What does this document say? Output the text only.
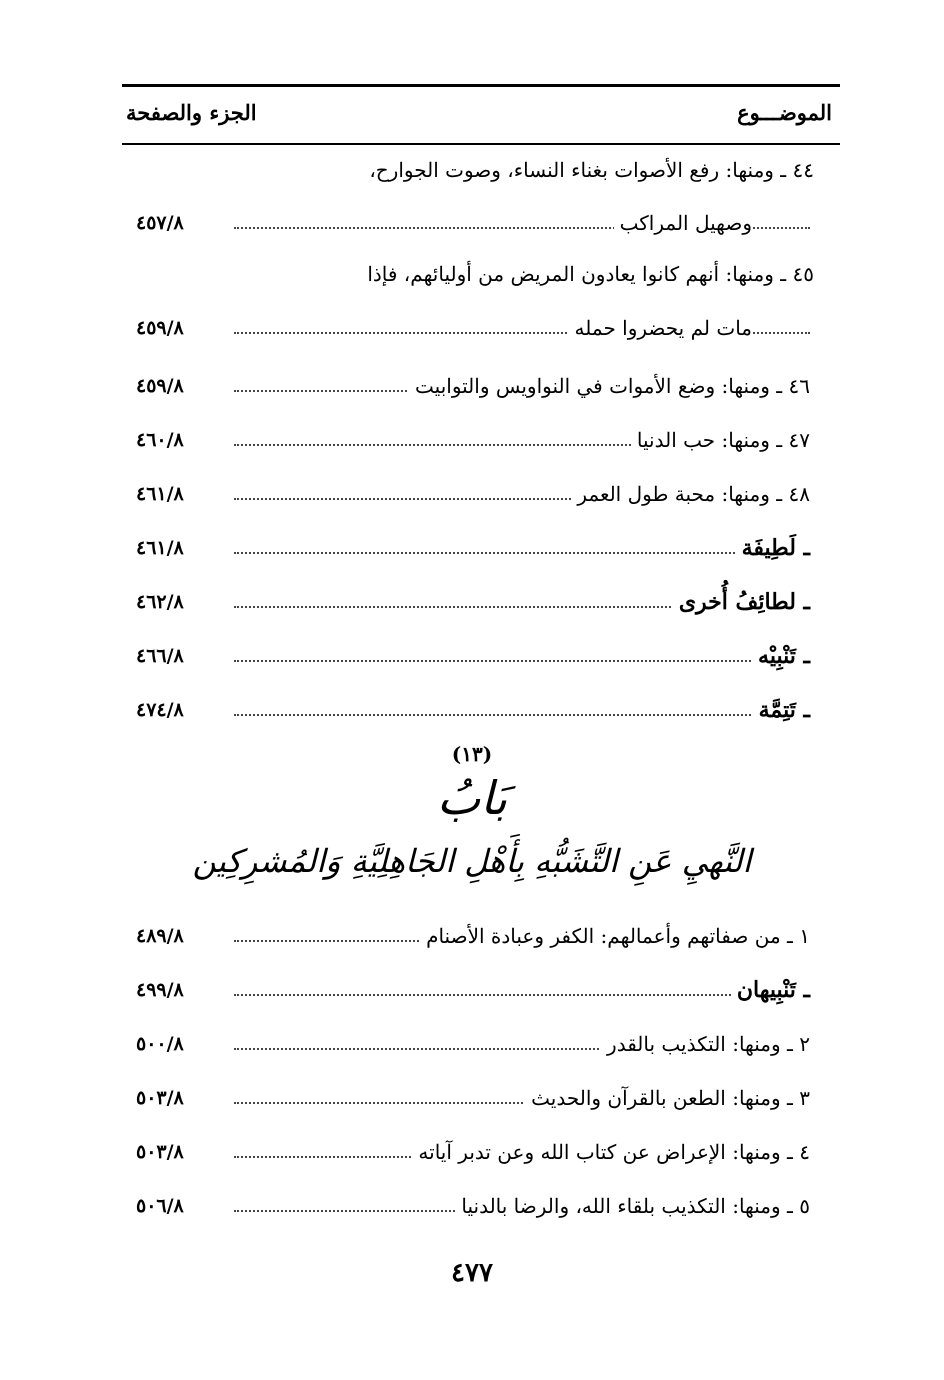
الموضـــوع
الجزء والصفحة
٤٤ ـ ومنها: رفع الأصوات بغناء النساء، وصوت الجوارح،
وصهيل المراكب
٤٥٧/٨
٤٥ ـ ومنها: أنهم كانوا يعادون المريض من أوليائهم، فإذا
مات لم يحضروا حمله
٤٥٩/٨
٤٦ ـ ومنها: وضع الأموات في النواويس والتوابيت
٤٥٩/٨
٤٧ ـ ومنها: حب الدنيا
٤٦٠/٨
٤٨ ـ ومنها: محبة طول العمر
٤٦١/٨
ـ لَطِيفَة
٤٦١/٨
ـ لطائِفُ أُخرى
٤٦٢/٨
ـ تَنْبِيْه
٤٦٦/٨
ـ تَتِمَّة
٤٧٤/٨
(١٣)
بَابُ
النَّهيِ عَنِ التَّشَبُّهِ بِأَهْلِ الجَاهِلِيَّةِ وَالمُشرِكِين
١ ـ من صفاتهم وأعمالهم: الكفر وعبادة الأصنام
٤٨٩/٨
ـ تَنْبِيهان
٤٩٩/٨
٢ ـ ومنها: التكذيب بالقدر
٥٠٠/٨
٣ ـ ومنها: الطعن بالقرآن والحديث
٥٠٣/٨
٤ ـ ومنها: الإعراض عن كتاب الله وعن تدبر آياته
٥٠٣/٨
٥ ـ ومنها: التكذيب بلقاء الله، والرضا بالدنيا
٥٠٦/٨
٤٧٧
